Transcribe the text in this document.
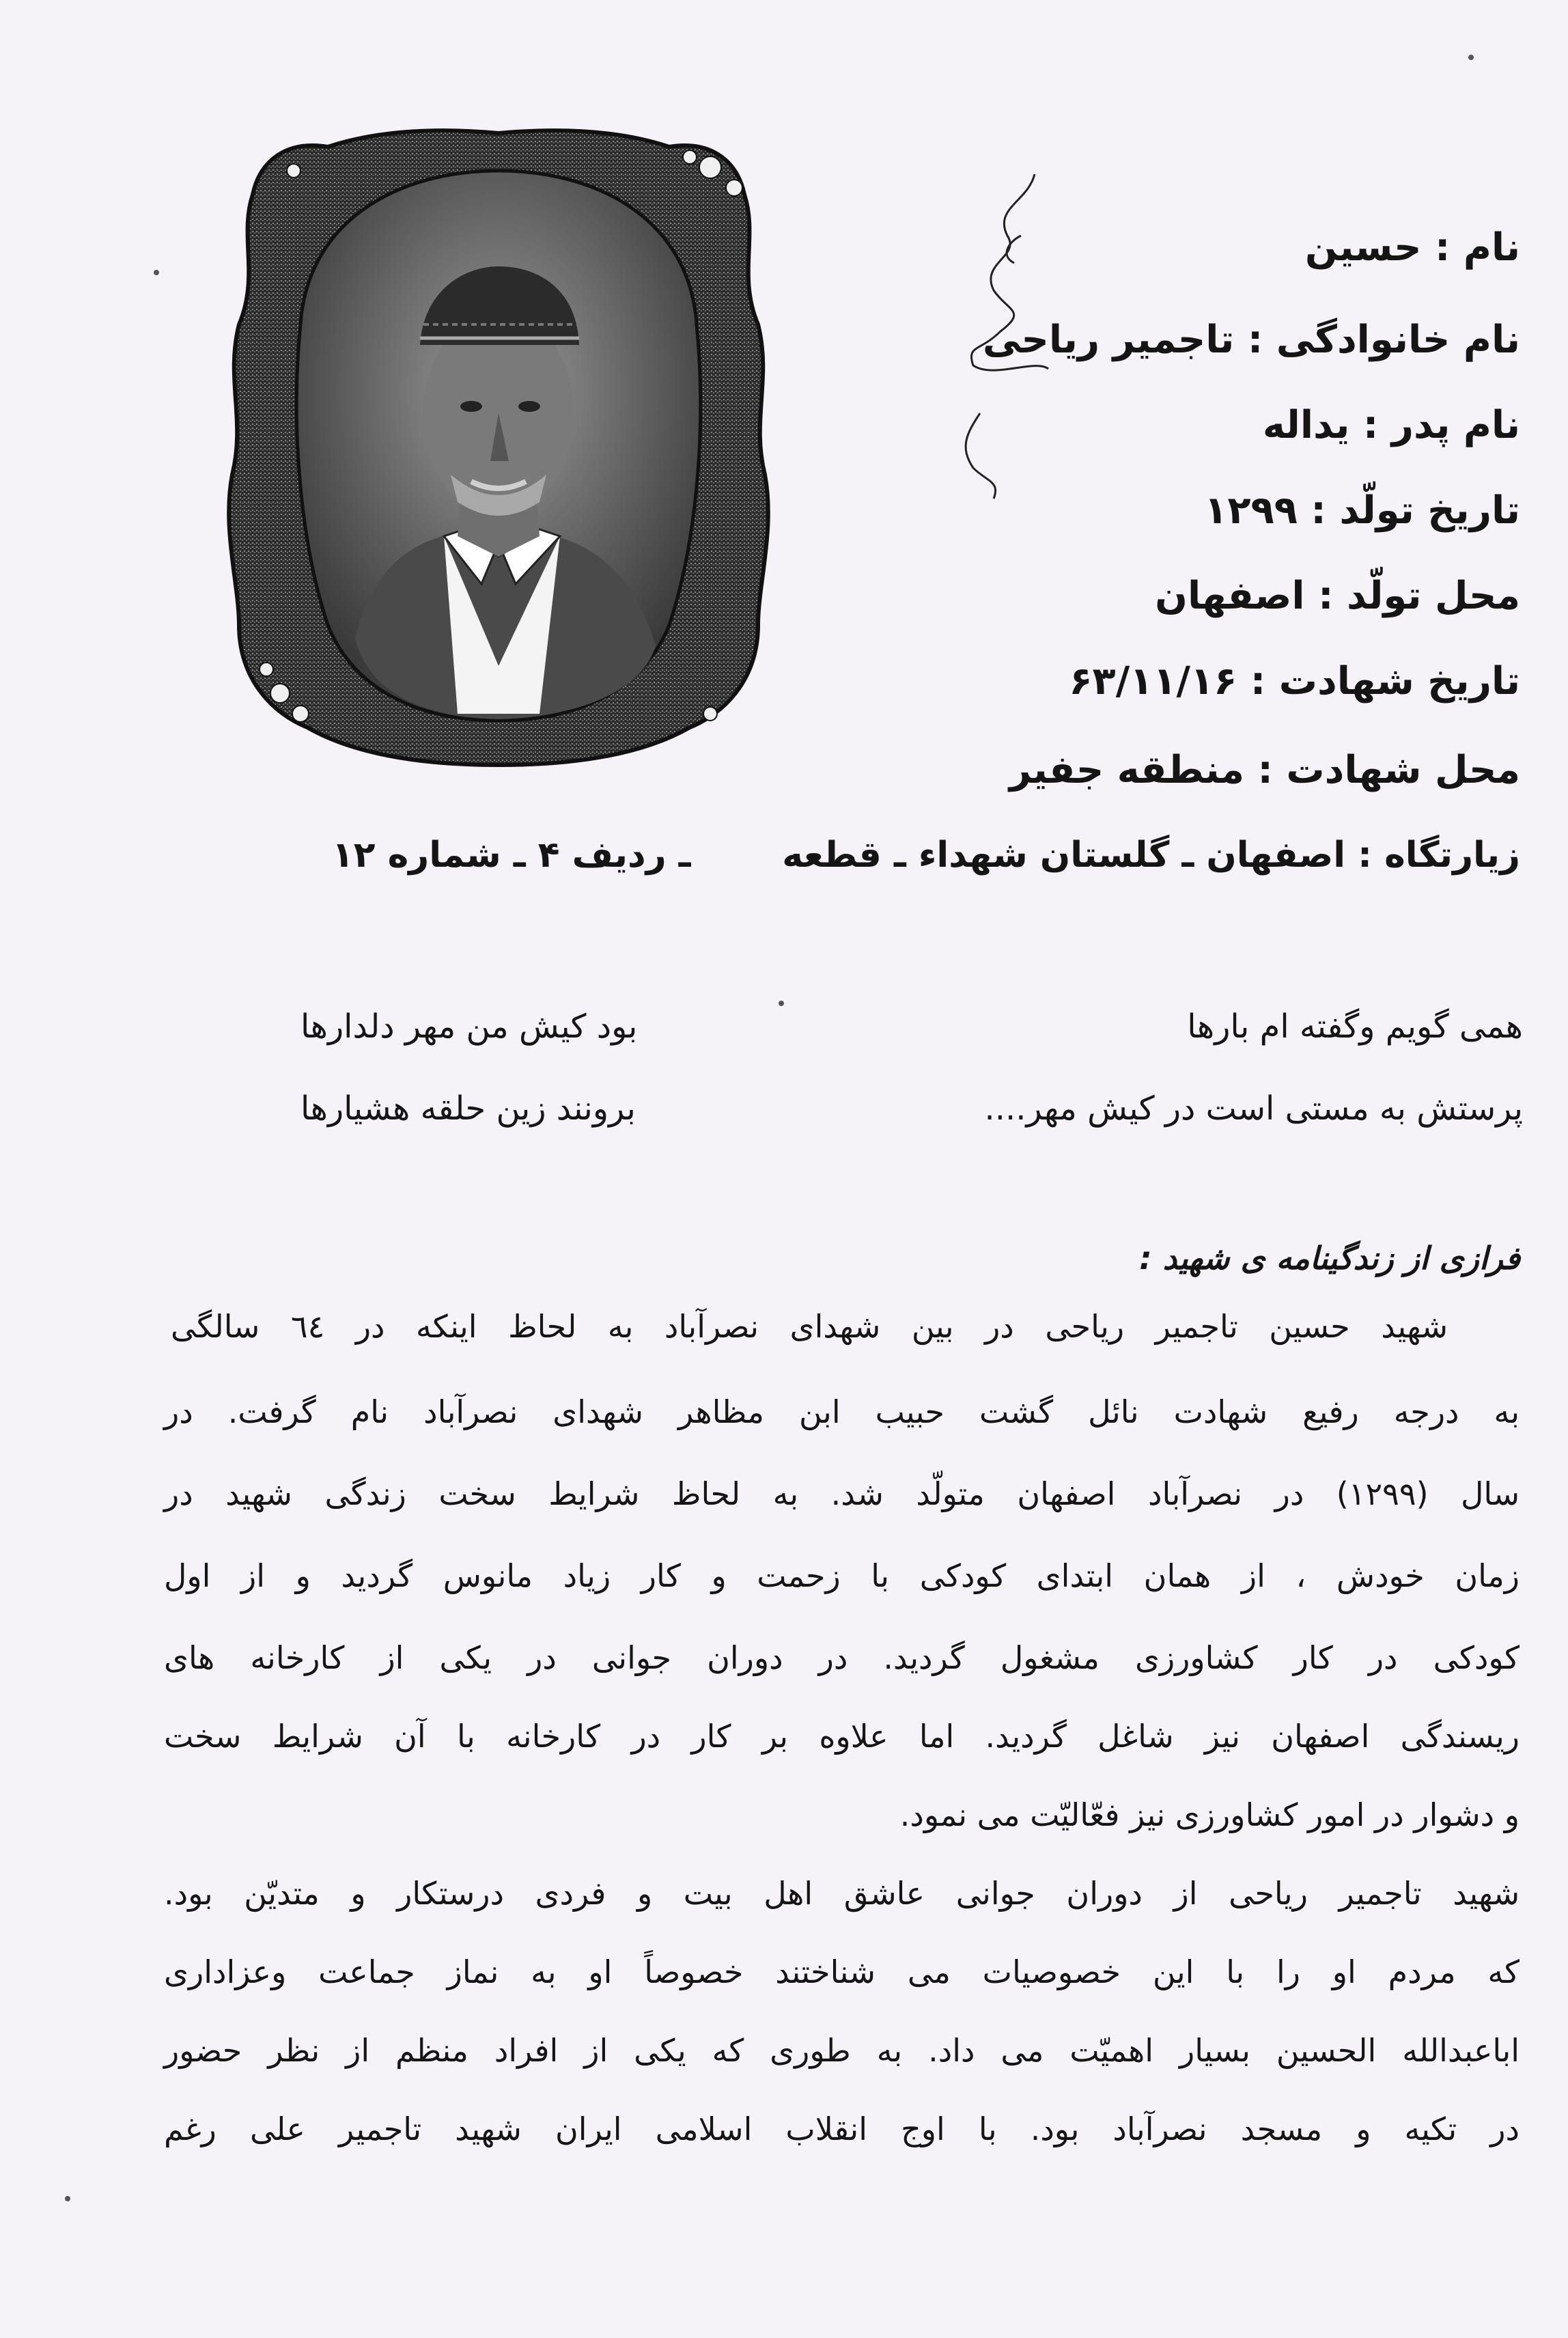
نام : حسین
نام خانوادگی : تاجمیر ریاحی
نام پدر : یداله
تاریخ تولّد : ۱۲۹۹
محل تولّد : اصفهان
تاریخ شهادت : ۶۳/۱۱/۱۶
محل شهادت : منطقه جفیر
زیارتگاه : اصفهان ـ گلستان شهداء ـ قطعه
ـ ردیف ۴ ـ شماره ۱۲
همی گویم وگفته ام بارها
بود کیش من مهر دلدارها
پرستش به مستی است در کیش مهر....
برونند زین حلقه هشیارها
فرازی از زندگینامه ی شهید :
شهید حسین تاجمیر ریاحی در بین شهدای نصرآباد به لحاظ اینکه در ٦٤ سالگی
به درجه رفیع شهادت نائل گشت حبیب ابن مظاهر شهدای نصرآباد نام گرفت. در
سال (۱۲۹۹) در نصرآباد اصفهان متولّد شد. به لحاظ شرایط سخت زندگی شهید در
زمان خودش ، از همان ابتدای کودکی با زحمت و کار زیاد مانوس گردید و از اول
کودکی در کار کشاورزی مشغول گردید. در دوران جوانی در یکی از کارخانه های
ریسندگی اصفهان نیز شاغل گردید. اما علاوه بر کار در کارخانه با آن شرایط سخت
و دشوار در امور کشاورزی نیز فعّالیّت می نمود.
شهید تاجمیر ریاحی از دوران جوانی عاشق اهل بیت و فردی درستکار و متدیّن بود.
که مردم او را با این خصوصیات می شناختند خصوصاً او به نماز جماعت وعزاداری
اباعبدالله الحسین بسیار اهمیّت می داد. به طوری که یکی از افراد منظم از نظر حضور
در تکیه و مسجد نصرآباد بود. با اوج انقلاب اسلامی ایران شهید تاجمیر علی رغم
